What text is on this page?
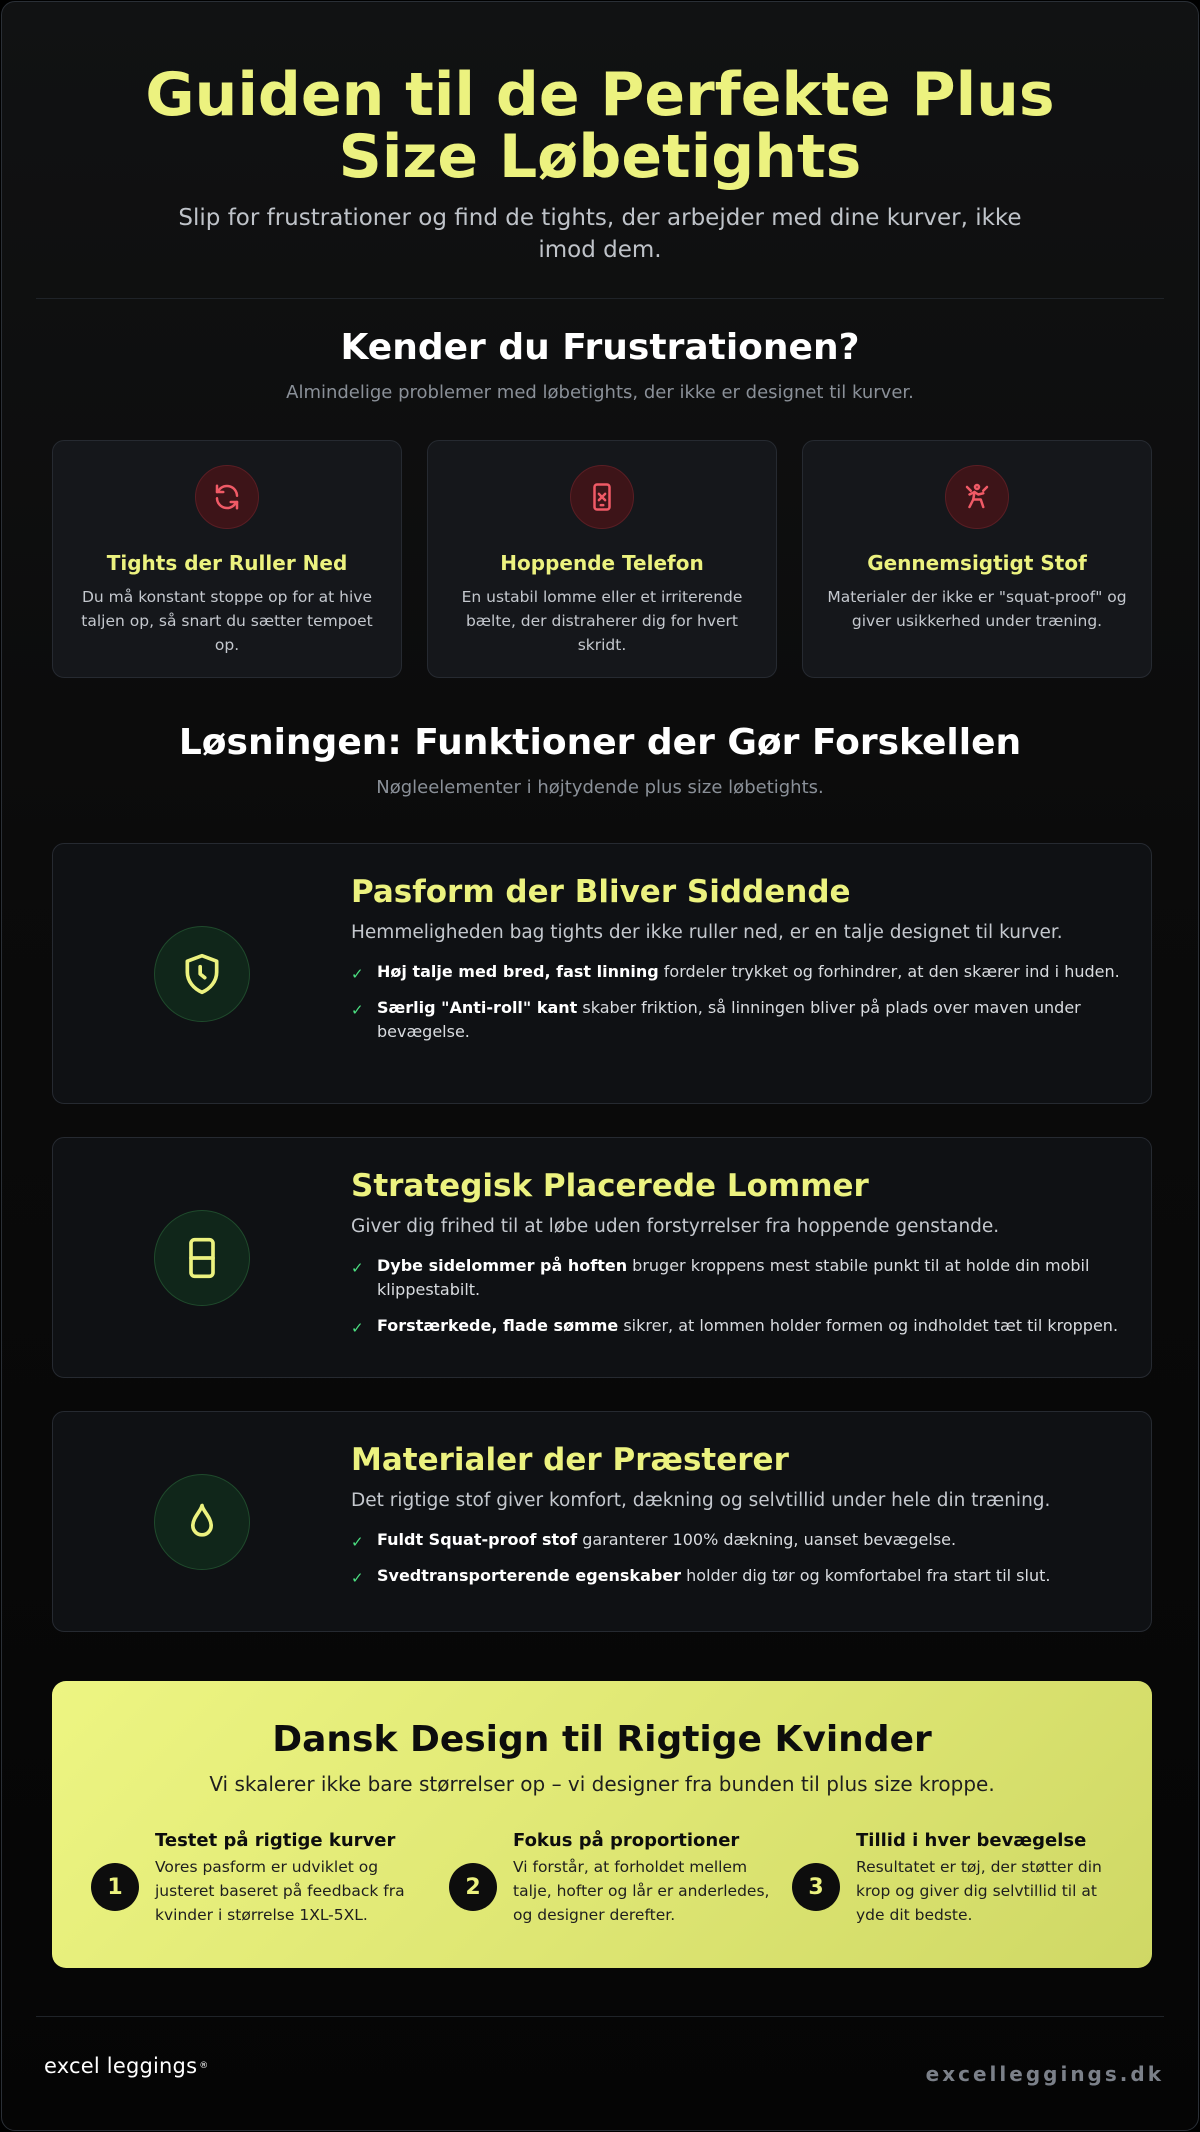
Guiden til de Perfekte Plus Size Løbetights

Slip for frustrationer og find de tights, der arbejder med dine kurver, ikke imod dem.

Kender du Frustrationen?

Almindelige problemer med løbetights, der ikke er designet til kurver.

Tights der Ruller Ned

Du må konstant stoppe op for at hive taljen op, så snart du sætter tempoet op.

Hoppende Telefon

En ustabil lomme eller et irriterende bælte, der distraherer dig for hvert skridt.

Gennemsigtigt Stof

Materialer der ikke er "squat-proof" og giver usikkerhed under træning.

Løsningen: Funktioner der Gør Forskellen

Nøgleelementer i højtydende plus size løbetights.

Pasform der Bliver Siddende

Hemmeligheden bag tights der ikke ruller ned, er en talje designet til kurver.

✓ Høj talje med bred, fast linning fordeler trykket og forhindrer, at den skærer ind i huden.
✓ Særlig "Anti-roll" kant skaber friktion, så linningen bliver på plads over maven under bevægelse.
Strategisk Placerede Lommer

Giver dig frihed til at løbe uden forstyrrelser fra hoppende genstande.

✓ Dybe sidelommer på hoften bruger kroppens mest stabile punkt til at holde din mobil klippestabilt.
✓ Forstærkede, flade sømme sikrer, at lommen holder formen og indholdet tæt til kroppen.
Materialer der Præsterer

Det rigtige stof giver komfort, dækning og selvtillid under hele din træning.

✓ Fuldt Squat-proof stof garanterer 100% dækning, uanset bevægelse.
✓ Svedtransporterende egenskaber holder dig tør og komfortabel fra start til slut.
Dansk Design til Rigtige Kvinder

Vi skalerer ikke bare størrelser op – vi designer fra bunden til plus size kroppe.

1
Testet på rigtige kurver

Vores pasform er udviklet og justeret baseret på feedback fra kvinder i størrelse 1XL-5XL.

2
Fokus på proportioner

Vi forstår, at forholdet mellem talje, hofter og lår er anderledes, og designer derefter.

3
Tillid i hver bevægelse

Resultatet er tøj, der støtter din krop og giver dig selvtillid til at yde dit bedste.

excel leggings ®	excelleggings.dk
